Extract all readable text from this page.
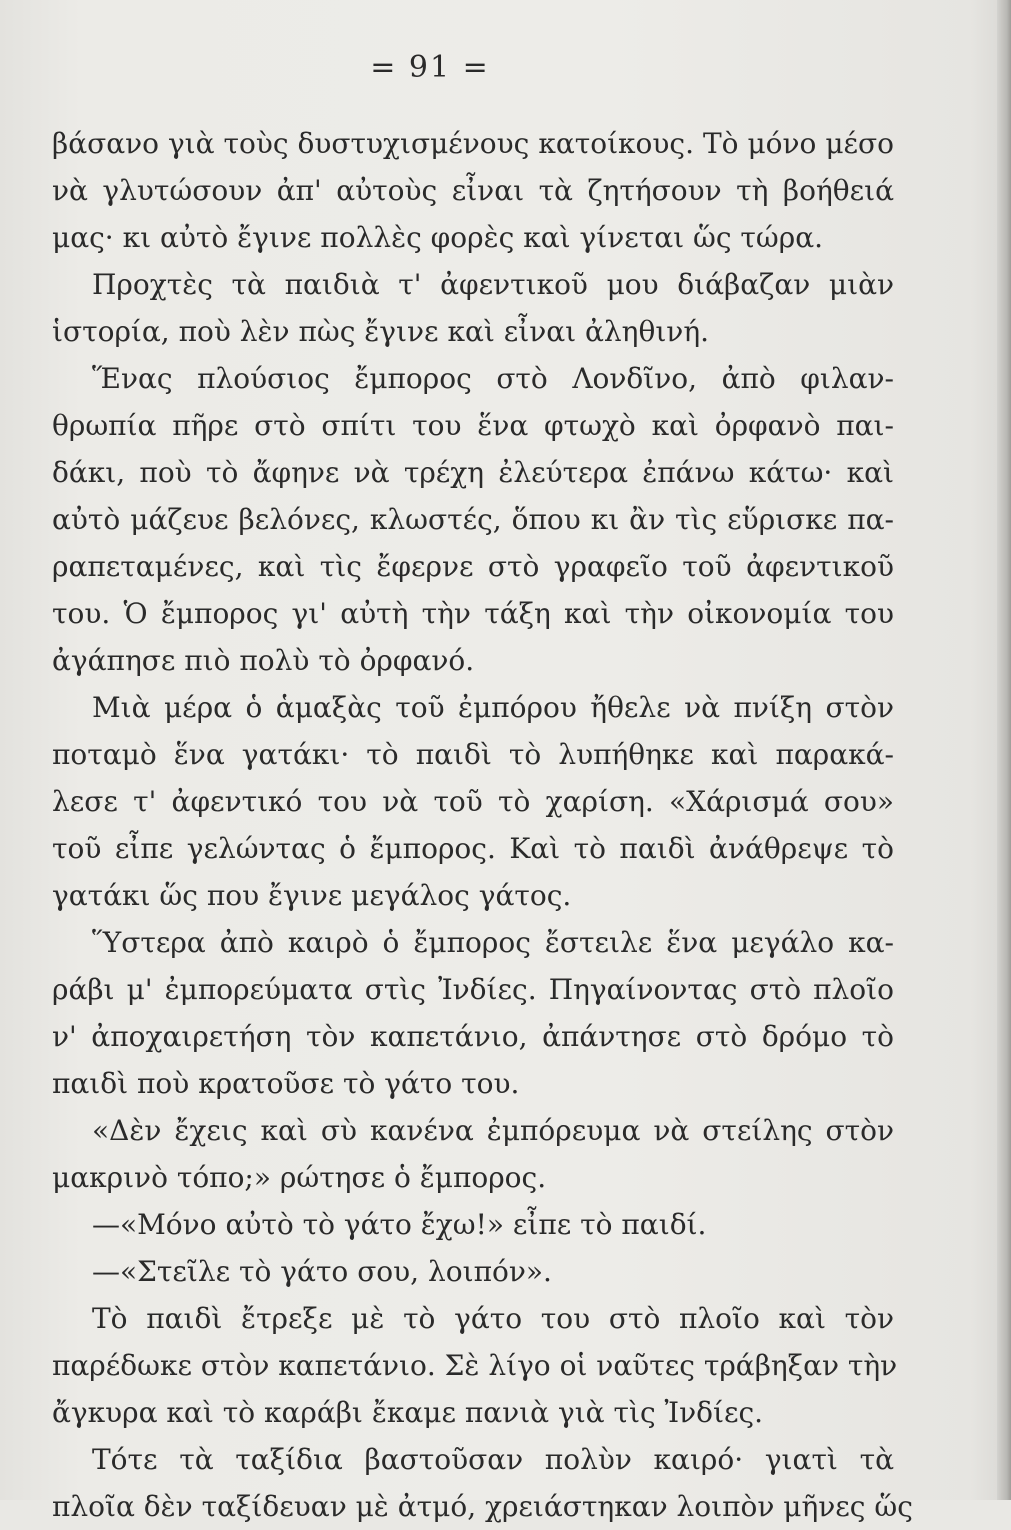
= 91 =
βάσανο γιὰ τοὺς δυστυχισμένους κατοίκους. Τὸ μόνο μέσο
νὰ γλυτώσουν ἀπ' αὐτοὺς εἶναι τὰ ζητήσουν τὴ βοήθειά
μας· κι αὐτὸ ἔγινε πολλὲς φορὲς καὶ γίνεται ὥς τώρα.
Προχτὲς τὰ παιδιὰ τ' ἀφεντικοῦ μου διάβαζαν μιὰν
ἱστορία, ποὺ λὲν πὼς ἔγινε καὶ εἶναι ἀληθινή.
Ἕνας πλούσιος ἔμπορος στὸ Λονδῖνο, ἀπὸ φιλαν-
θρωπία πῆρε στὸ σπίτι του ἕνα φτωχὸ καὶ ὀρφανὸ παι-
δάκι, ποὺ τὸ ἄφηνε νὰ τρέχη ἐλεύτερα ἐπάνω κάτω· καὶ
αὐτὸ μάζευε βελόνες, κλωστές, ὅπου κι ἂν τὶς εὕρισκε πα-
ραπεταμένες, καὶ τὶς ἔφερνε στὸ γραφεῖο τοῦ ἀφεντικοῦ
του. Ὁ ἔμπορος γι' αὐτὴ τὴν τάξη καὶ τὴν οἰκονομία του
ἀγάπησε πιὸ πολὺ τὸ ὀρφανό.
Μιὰ μέρα ὁ ἁμαξὰς τοῦ ἐμπόρου ἤθελε νὰ πνίξη στὸν
ποταμὸ ἕνα γατάκι· τὸ παιδὶ τὸ λυπήθηκε καὶ παρακά-
λεσε τ' ἀφεντικό του νὰ τοῦ τὸ χαρίση. «Χάρισμά σου»
τοῦ εἶπε γελώντας ὁ ἔμπορος. Καὶ τὸ παιδὶ ἀνάθρεψε τὸ
γατάκι ὥς που ἔγινε μεγάλος γάτος.
Ὕστερα ἀπὸ καιρὸ ὁ ἔμπορος ἔστειλε ἕνα μεγάλο κα-
ράβι μ' ἐμπορεύματα στὶς Ἰνδίες. Πηγαίνοντας στὸ πλοῖο
ν' ἀποχαιρετήση τὸν καπετάνιο, ἀπάντησε στὸ δρόμο τὸ
παιδὶ ποὺ κρατοῦσε τὸ γάτο του.
«Δὲν ἔχεις καὶ σὺ κανένα ἐμπόρευμα νὰ στείλης στὸν
μακρινὸ τόπο;» ρώτησε ὁ ἔμπορος.
—«Μόνο αὐτὸ τὸ γάτο ἔχω!» εἶπε τὸ παιδί.
—«Στεῖλε τὸ γάτο σου, λοιπόν».
Τὸ παιδὶ ἔτρεξε μὲ τὸ γάτο του στὸ πλοῖο καὶ τὸν
παρέδωκε στὸν καπετάνιο. Σὲ λίγο οἱ ναῦτες τράβηξαν τὴν
ἄγκυρα καὶ τὸ καράβι ἔκαμε πανιὰ γιὰ τὶς Ἰνδίες.
Τότε τὰ ταξίδια βαστοῦσαν πολὺν καιρό· γιατὶ τὰ
πλοῖα δὲν ταξίδευαν μὲ ἀτμό, χρειάστηκαν λοιπὸν μῆνες ὥς
